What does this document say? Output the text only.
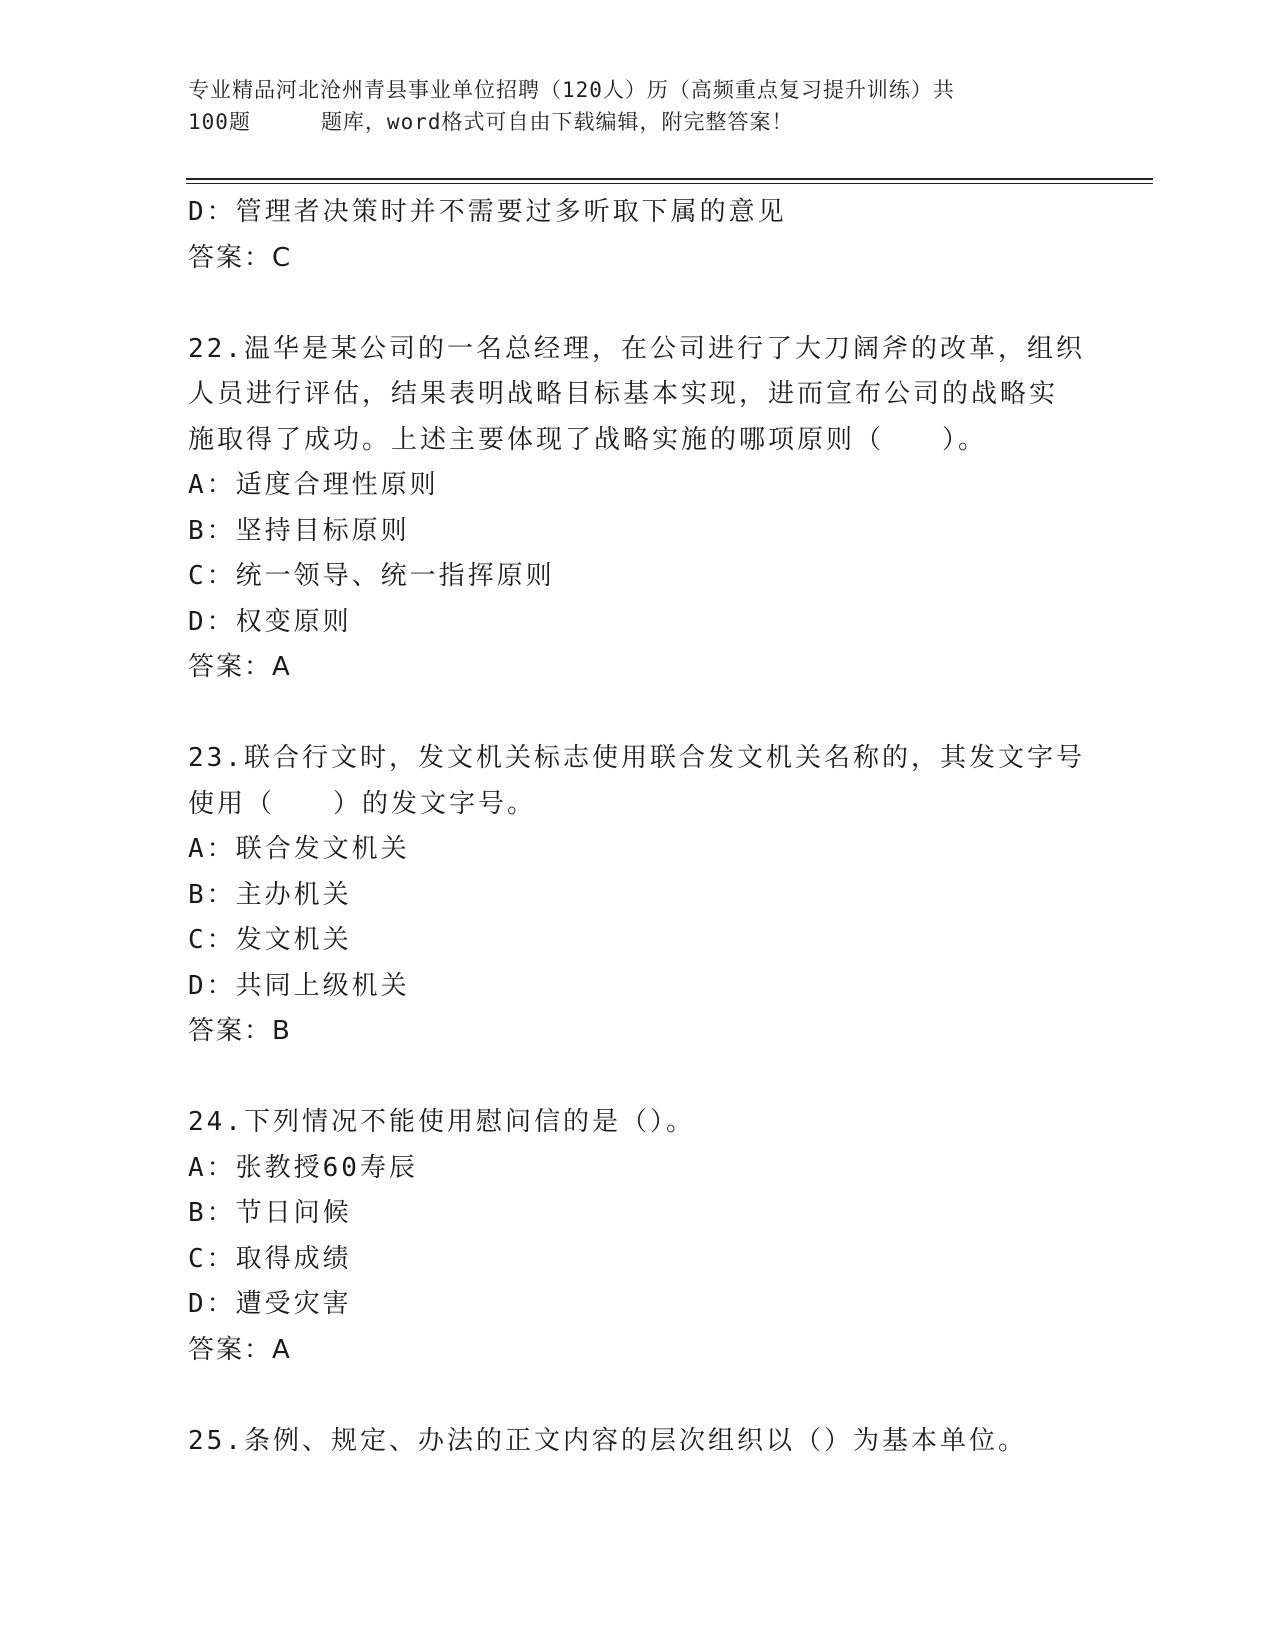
专业精品河北沧州青县事业单位招聘（120人）历（高频重点复习提升训练）共
100题	题库，word格式可自由下载编辑，附完整答案！
D：管理者决策时并不需要过多听取下属的意见
答案：C
22.温华是某公司的一名总经理，在公司进行了大刀阔斧的改革，组织
人员进行评估，结果表明战略目标基本实现，进而宣布公司的战略实
施取得了成功。上述主要体现了战略实施的哪项原则（　　）。
A：适度合理性原则
B：坚持目标原则
C：统一领导、统一指挥原则
D：权变原则
答案：A
23.联合行文时，发文机关标志使用联合发文机关名称的，其发文字号
使用（　　）的发文字号。
A：联合发文机关
B：主办机关
C：发文机关
D：共同上级机关
答案：B
24.下列情况不能使用慰问信的是（）。
A：张教授60寿辰
B：节日问候
C：取得成绩
D：遭受灾害
答案：A
25.条例、规定、办法的正文内容的层次组织以（）为基本单位。
